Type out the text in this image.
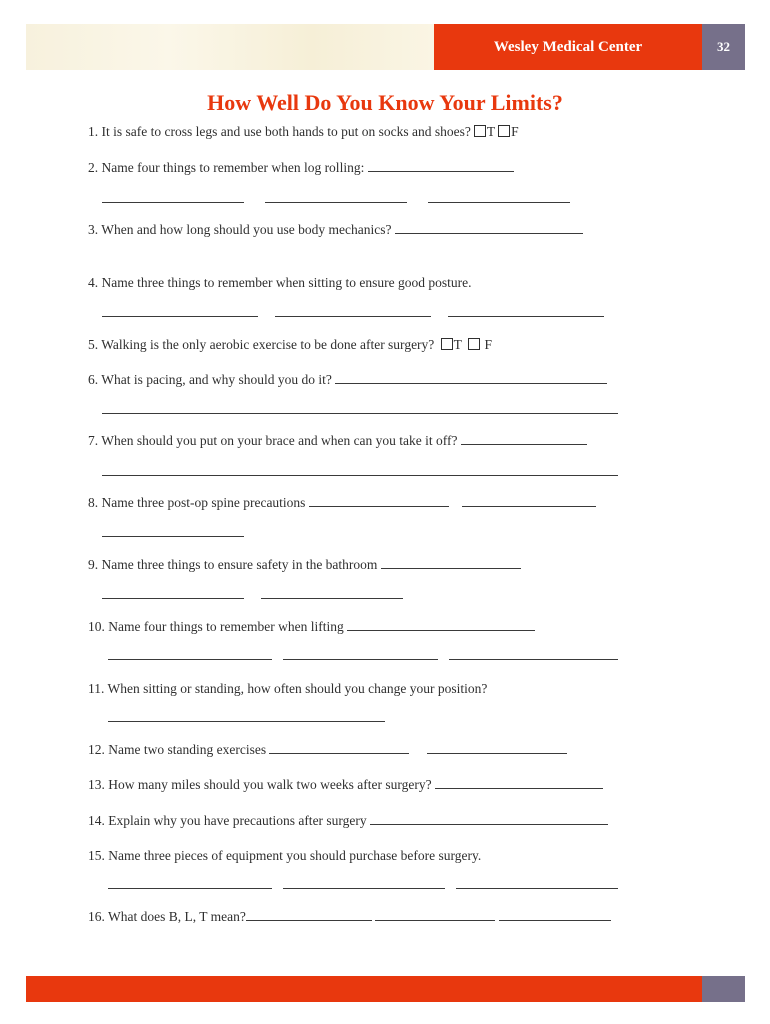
Wesley Medical Center	32
How Well Do You Know Your Limits?
1. It is safe to cross legs and use both hands to put on socks and shoes? T F
2. Name four things to remember when log rolling:
3. When and how long should you use body mechanics?
4. Name three things to remember when sitting to ensure good posture.
5. Walking is the only aerobic exercise to be done after surgery? T F
6. What is pacing, and why should you do it?
7. When should you put on your brace and when can you take it off?
8. Name three post-op spine precautions
9. Name three things to ensure safety in the bathroom
10. Name four things to remember when lifting
11. When sitting or standing, how often should you change your position?
12. Name two standing exercises
13. How many miles should you walk two weeks after surgery?
14. Explain why you have precautions after surgery
15. Name three pieces of equipment you should purchase before surgery.
16. What does B, L, T mean?
